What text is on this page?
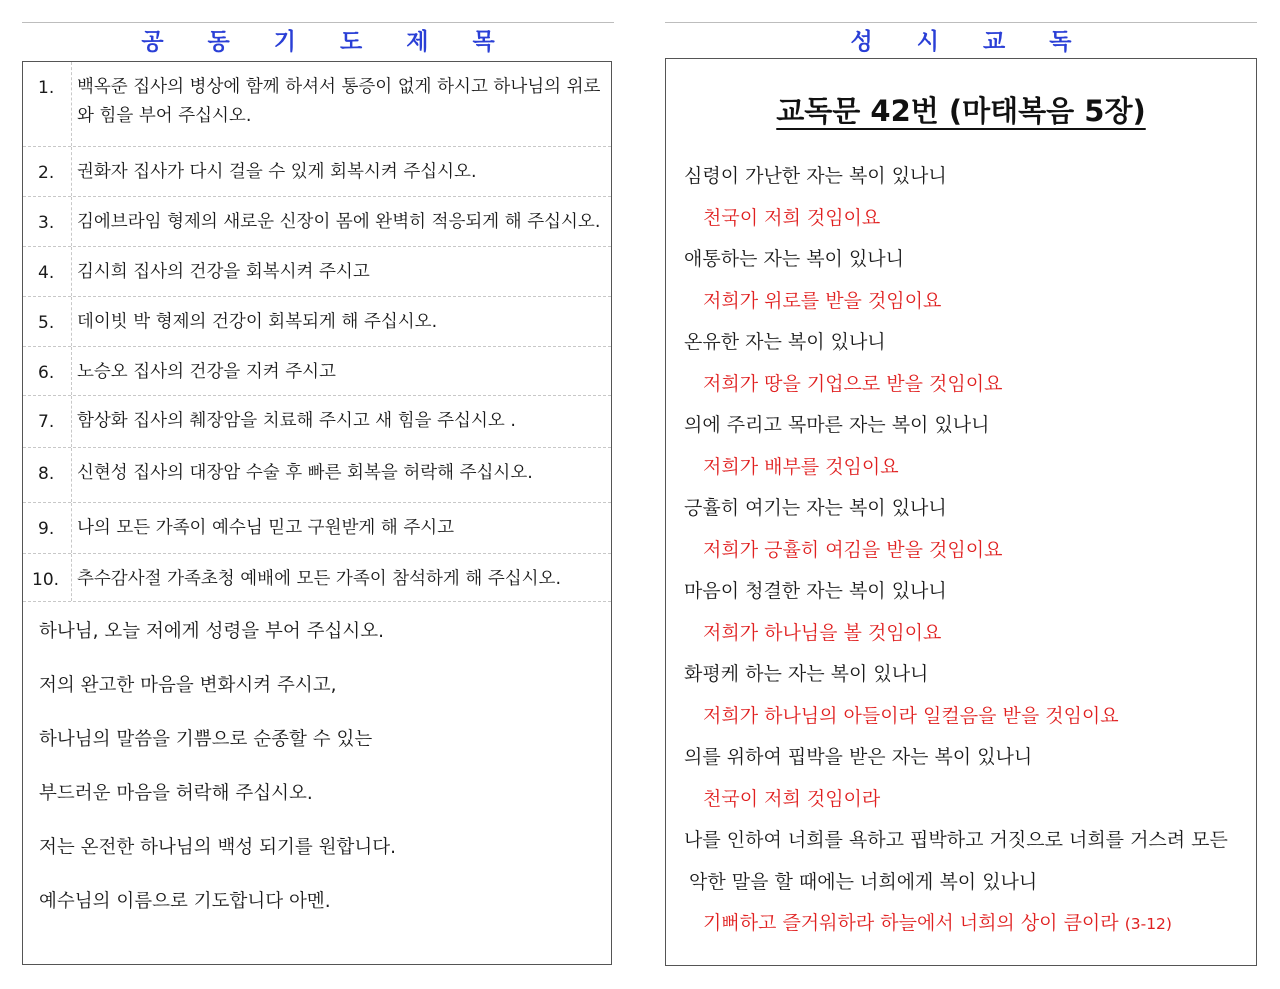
공 동 기 도 제 목
1.	백옥준 집사의 병상에 함께 하셔서 통증이 없게 하시고 하나님의 위로와 힘을 부어 주십시오.
2.	권화자 집사가 다시 걸을 수 있게 회복시켜 주십시오.
3.	김에브라임 형제의 새로운 신장이 몸에 완벽히 적응되게 해 주십시오.
4.	김시희 집사의 건강을 회복시켜 주시고
5.	데이빗 박 형제의 건강이 회복되게 해 주십시오.
6.	노승오 집사의 건강을 지켜 주시고
7.	함상화 집사의 췌장암을 치료해 주시고 새 힘을 주십시오 .
8.	신현성 집사의 대장암 수술 후 빠른 회복을 허락해 주십시오.
9.	나의 모든 가족이 예수님 믿고 구원받게 해 주시고
10.	추수감사절 가족초청 예배에 모든 가족이 참석하게 해 주십시오.
하나님, 오늘 저에게 성령을 부어 주십시오.
저의 완고한 마음을 변화시켜 주시고,
하나님의 말씀을 기쁨으로 순종할 수 있는
부드러운 마음을 허락해 주십시오.
저는 온전한 하나님의 백성 되기를 원합니다.
예수님의 이름으로 기도합니다 아멘.
성 시 교 독
교독문 42번 (마태복음 5장)
심령이 가난한 자는 복이 있나니
천국이 저희 것임이요
애통하는 자는 복이 있나니
저희가 위로를 받을 것임이요
온유한 자는 복이 있나니
저희가 땅을 기업으로 받을 것임이요
의에 주리고 목마른 자는 복이 있나니
저희가 배부를 것임이요
긍휼히 여기는 자는 복이 있나니
저희가 긍휼히 여김을 받을 것임이요
마음이 청결한 자는 복이 있나니
저희가 하나님을 볼 것임이요
화평케 하는 자는 복이 있나니
저희가 하나님의 아들이라 일컬음을 받을 것임이요
의를 위하여 핍박을 받은 자는 복이 있나니
천국이 저희 것임이라
나를 인하여 너희를 욕하고 핍박하고 거짓으로 너희를 거스려 모든
악한 말을 할 때에는 너희에게 복이 있나니
기뻐하고 즐거워하라 하늘에서 너희의 상이 큼이라 (3-12)
